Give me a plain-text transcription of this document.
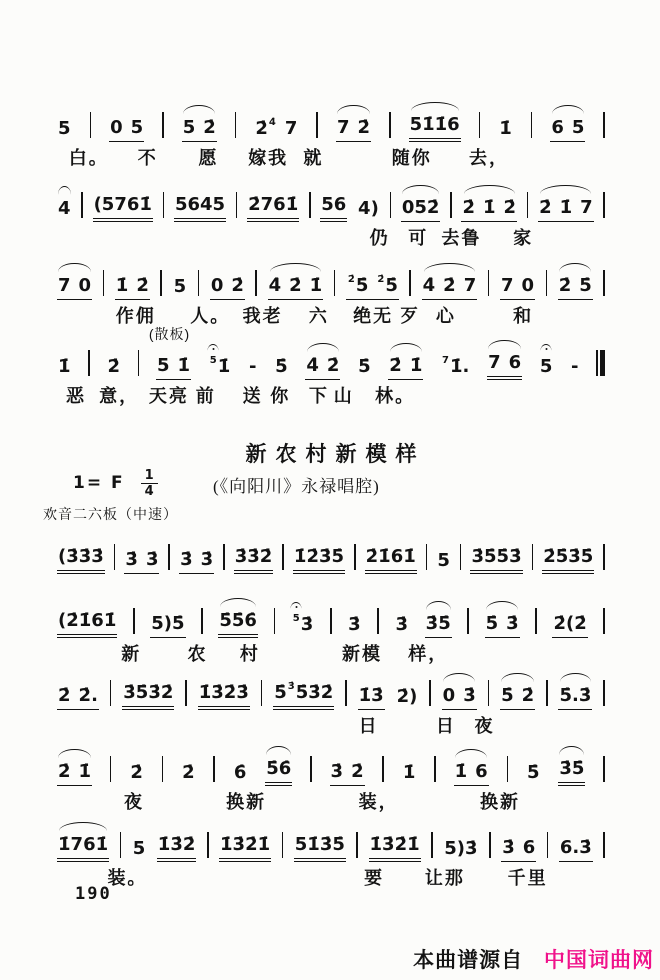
5 0 5 5 2̇ 2̇$^{4̇}$ 7 7 2̇ 5 1̇ 1̇ 6 1̇ 6 5
白。 不 愿 嫁我 就	随你 去，
4 ( 5 7 6 1̇ 5 6 4 5 2̇ 7 6 1̇ 5 6 4 ) 0 5 2̇ 2̇ 1̇ 2̇ 2̇ 1̇ 7
仍 可 去鲁 家
7 0 1̇ 2̇ 5 0 2̇ 4̇ 2̇ 1̇	2̇ 5̇ $^{2̇}$ 5̇ 4̇ 2̇ 7 7 0 2̇ 5̇
作佣 人。 我老 六 绝无 歹 心	和
(散板)
1̇ 2̇ 5 1̇ 5 1̇ - 5̇ 4̇ 2̇ 5̇ 2̇ 1̇ 7 1̇ . 7 6 5 -
恶 意， 天亮 前 送 你 下 山 林。
新农村新模样
1= F $\frac{1}{4}$	(《向阳川》永禄唱腔)
欢音二六板（中速）
( 3̇ 3̇ 3̇ 3̇ 3̇ 3̇ 3̇ 3̇ 3̇ 2̇ 1̇ 2̇ 3̇ 5̇ 2̇ 1̇ 6 1̇ 5 3̇ 5̇ 5̇ 3̇ 2̇ 5̇ 3̇ 5̇
( 2̇ 1̇ 6 1̇ 5 ) 5̇ 5̇ 5̇ 6̇	5 3̇ 3̇ 3̇ 3̇ 5̇ 5̇ 3̇ 2̇ ( 2̇
新	农 村	新模 样，
2̇ 2̇ . 3̇ 5̇ 3̇ 2̇ 1̇ 3̇ 2̇ 3̇ 5̇$^{3̇}$ 5̇ 3̇ 2̇ 1̇ 3̇ 2̇ ) 0 3̇ 5̇ 2̇ 5̇ . 3̇
日	日 夜
2̇ 1̇ 2̇ 2̇ 6̇ 5̇ 6̇ 3̇ 2̇ 1̇ 1̇ 6 5̇ 3̇ 5̇
夜	换新	装，	换新
1̇ 7 6 1̇ 5 1̇ 3̇ 2̇ 1̇ 3̇ 2̇ 1̇ 5 1̇ 3̇ 5̇ 1̇ 3̇ 2̇ 1̇ 5 ) 3̇ 3̇ 6 6 . 3̇
装。	要 让那 千里
190
本曲谱源自 中国词曲网
